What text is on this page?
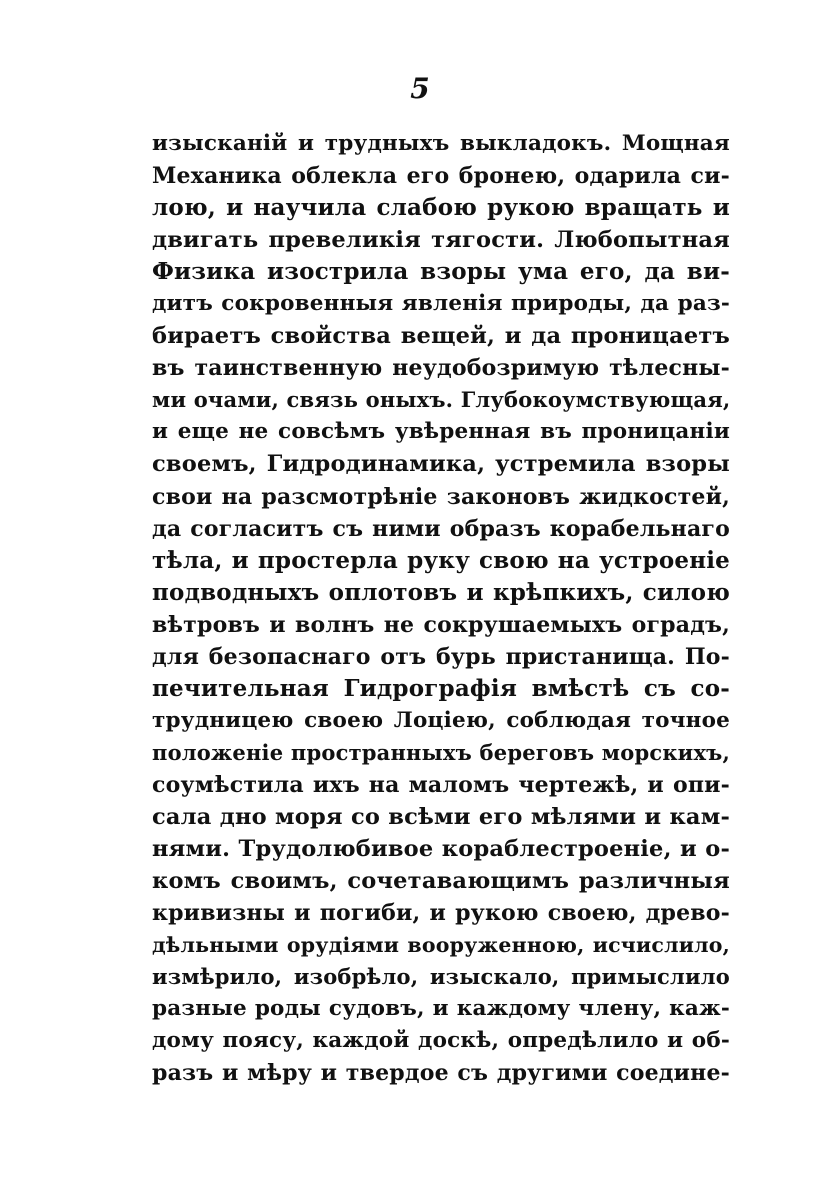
5
изысканій и трудныхъ выкладокъ. Мощная
Механика облекла его бронею, одарила си-
лою, и научила слабою рукою вращать и
двигать превеликія тягости. Любопытная
Физика изострила взоры ума его, да ви-
дитъ сокровенныя явленія природы, да раз-
бираетъ свойства вещей, и да проницаетъ
въ таинственную неудобозримую тѣлесны-
ми очами, связь оныхъ. Глубокоумствующая,
и еще не совсѣмъ увѣренная въ проницаніи
своемъ, Гидродинамика, устремила взоры
свои на разсмотрѣніе законовъ жидкостей,
да согласитъ съ ними образъ корабельнаго
тѣла, и простерла руку свою на устроеніе
подводныхъ оплотовъ и крѣпкихъ, силою
вѣтровъ и волнъ не сокрушаемыхъ оградъ,
для безопаснаго отъ бурь пристанища. По-
печительная Гидрографія вмѣстѣ съ со-
трудницею своею Лоціею, соблюдая точное
положеніе пространныхъ береговъ морскихъ,
соумѣстила ихъ на маломъ чертежѣ, и опи-
сала дно моря со всѣми его мѣлями и кам-
нями. Трудолюбивое кораблестроеніе, и о-
комъ своимъ, сочетавающимъ различныя
кривизны и погиби, и рукою своею, древо-
дѣльными орудіями вооруженною, исчислило,
измѣрило, изобрѣло, изыскало, примыслило
разные роды судовъ, и каждому члену, каж-
дому поясу, каждой доскѣ, опредѣлило и об-
разъ и мѣру и твердое съ другими соедине-
